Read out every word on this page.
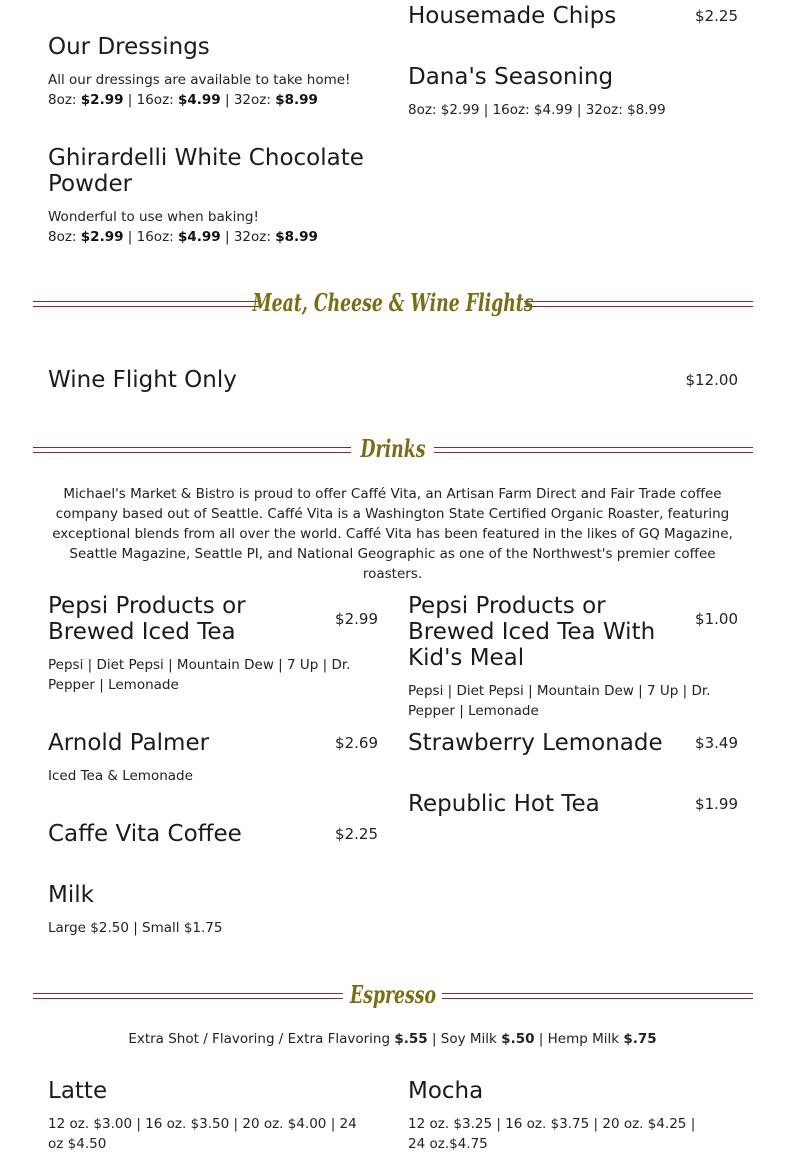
Housemade Chips	$2.25
Our Dressings

All our dressings are available to take home!

8oz: $2.99 | 16oz: $4.99 | 32oz: $8.99

Dana's Seasoning

8oz: $2.99 | 16oz: $4.99 | 32oz: $8.99

Ghirardelli White Chocolate Powder

Wonderful to use when baking!

8oz: $2.99 | 16oz: $4.99 | 32oz: $8.99

Meat, Cheese & Wine Flights
Wine Flight Only	$12.00
Drinks
Michael's Market & Bistro is proud to offer Caffé Vita, an Artisan Farm Direct and Fair Trade coffee company based out of Seattle. Caffé Vita is a Washington State Certified Organic Roaster, featuring exceptional blends from all over the world. Caffé Vita has been featured in the likes of GQ Magazine, Seattle Magazine, Seattle PI, and National Geographic as one of the Northwest's premier coffee roasters.
Pepsi Products or Brewed Iced Tea	$2.99

Pepsi | Diet Pepsi | Mountain Dew | 7 Up | Dr. Pepper | Lemonade

Pepsi Products or Brewed Iced Tea With Kid's Meal
$1.00

Pepsi | Diet Pepsi | Mountain Dew | 7 Up | Dr. Pepper | Lemonade

Arnold Palmer	$2.69

Iced Tea & Lemonade

Strawberry Lemonade	$3.49
Republic Hot Tea	$1.99
Caffe Vita Coffee	$2.25
Milk

Large $2.50 | Small $1.75

Espresso
Extra Shot / Flavoring / Extra Flavoring $.55 | Soy Milk $.50 | Hemp Milk $.75
Latte

12 oz. $3.00 | 16 oz. $3.50 | 20 oz. $4.00 | 24 oz $4.50

Mocha

12 oz. $3.25 | 16 oz. $3.75 | 20 oz. $4.25 | 24 oz.$4.75
